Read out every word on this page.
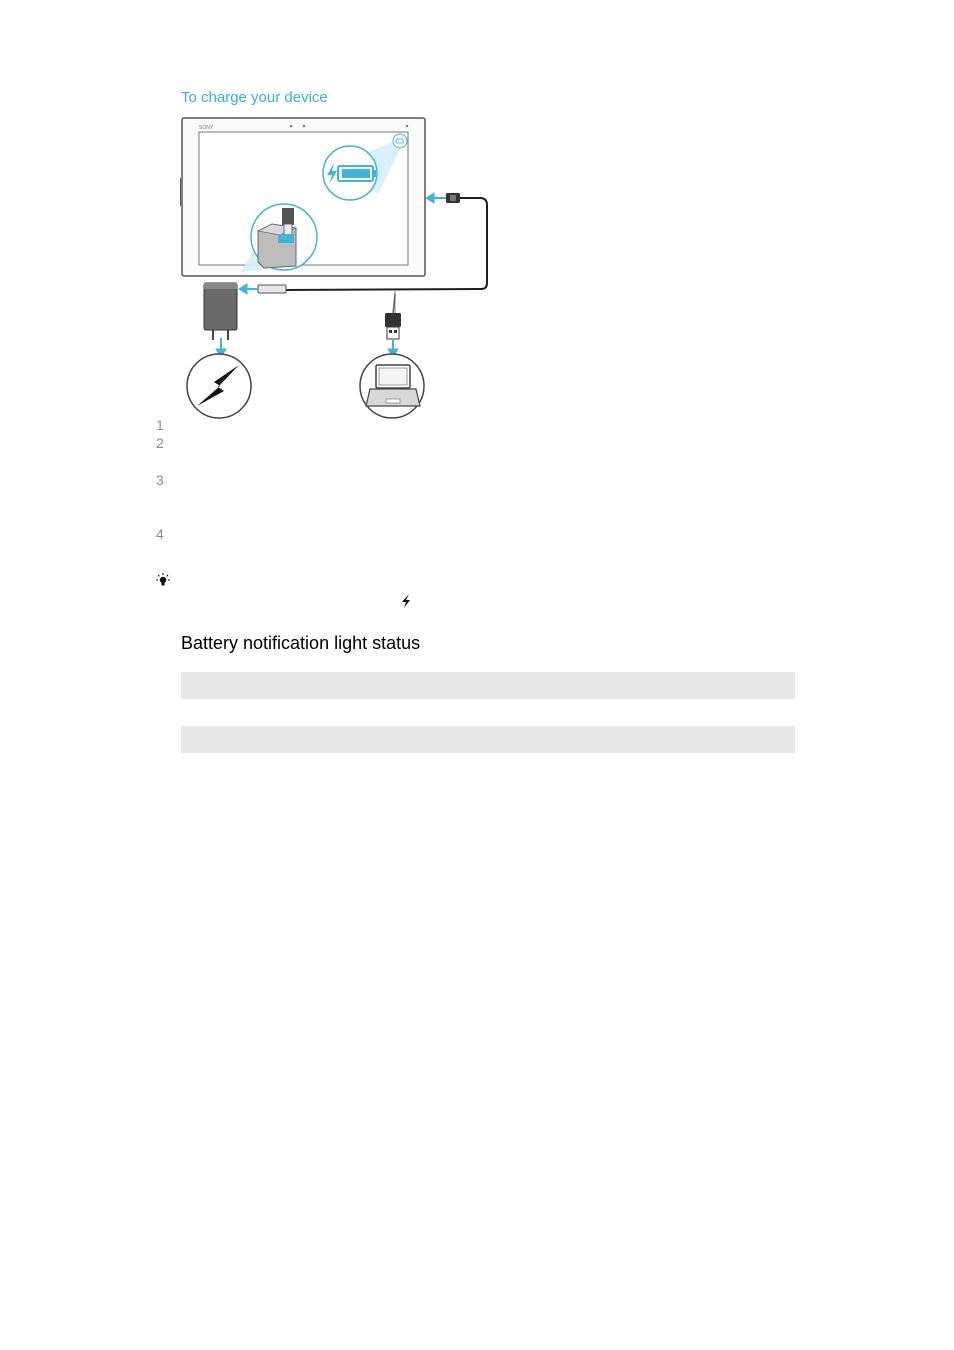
To charge your device
SONY
1
2
3
4
Battery notification light status
